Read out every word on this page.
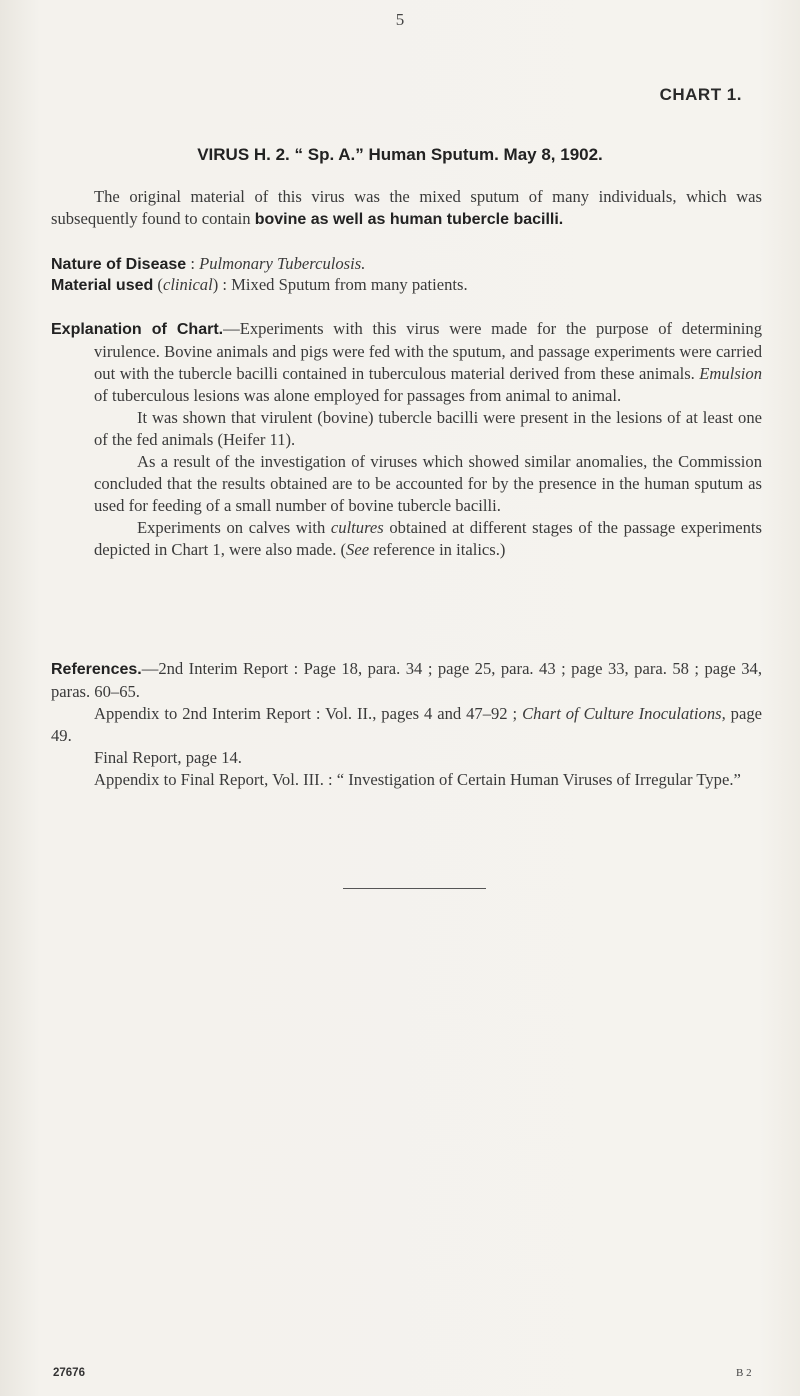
5
CHART 1.
VIRUS H. 2. “ Sp. A.” Human Sputum. May 8, 1902.

The original material of this virus was the mixed sputum of many individuals, which was subsequently found to contain bovine as well as human tubercle bacilli.

Nature of Disease : Pulmonary Tuberculosis.

Material used (clinical) : Mixed Sputum from many patients.

Explanation of Chart.—Experiments with this virus were made for the purpose of determining virulence. Bovine animals and pigs were fed with the sputum, and passage experiments were carried out with the tubercle bacilli contained in tuberculous material derived from these animals. Emulsion of tuberculous lesions was alone employed for passages from animal to animal.

It was shown that virulent (bovine) tubercle bacilli were present in the lesions of at least one of the fed animals (Heifer 11).

As a result of the investigation of viruses which showed similar anomalies, the Commission concluded that the results obtained are to be accounted for by the presence in the human sputum as used for feeding of a small number of bovine tubercle bacilli.

Experiments on calves with cultures obtained at different stages of the passage experiments depicted in Chart 1, were also made. (See reference in italics.)

References.—2nd Interim Report : Page 18, para. 34 ; page 25, para. 43 ; page 33, para. 58 ; page 34, paras. 60–65.

Appendix to 2nd Interim Report : Vol. II., pages 4 and 47–92 ; Chart of Culture Inoculations, page 49.

Final Report, page 14.

Appendix to Final Report, Vol. III. : “ Investigation of Certain Human Viruses of Irregular Type.”

27676	B 2
